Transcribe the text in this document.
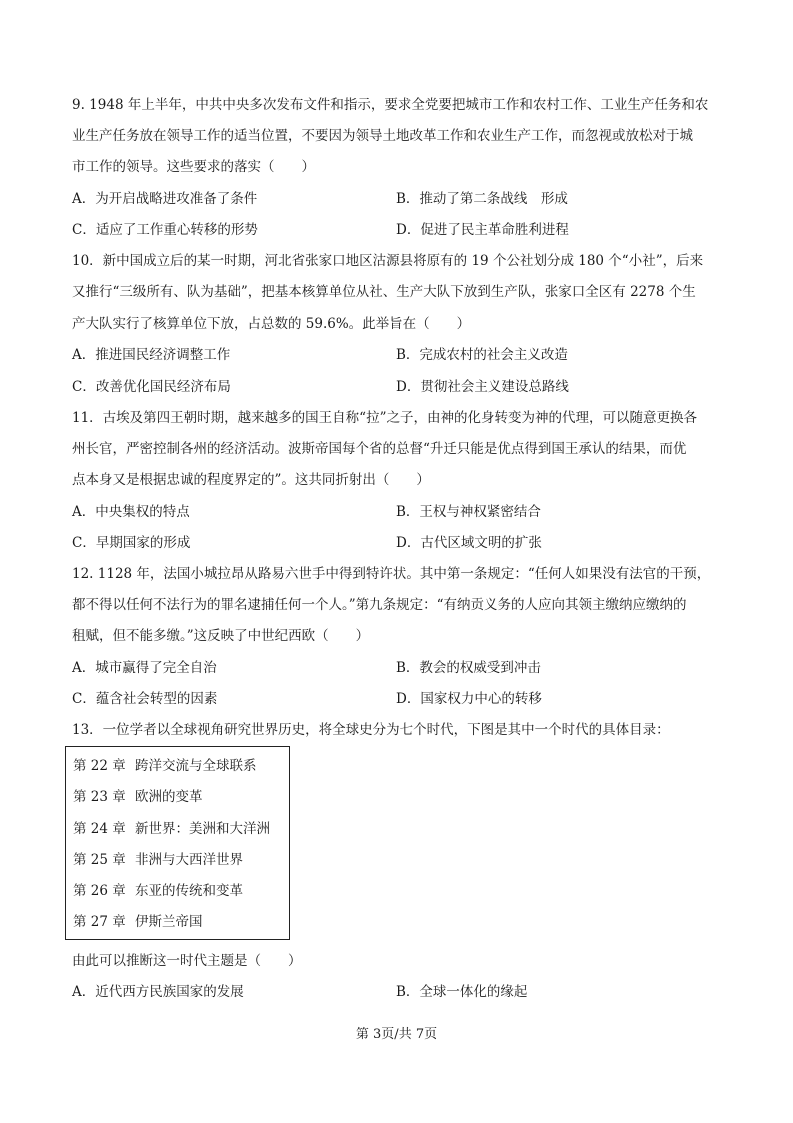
9. 1948 年上半年，中共中央多次发布文件和指示，要求全党要把城市工作和农村工作、工业生产任务和农
业生产任务放在领导工作的适当位置，不要因为领导土地改革工作和农业生产工作，而忽视或放松对于城
市工作的领导。这些要求的落实（　　）
A．为开启战略进攻准备了条件	B．推动了第二条战线　形成
C．适应了工作重心转移的形势	D．促进了民主革命胜利进程
10．新中国成立后的某一时期，河北省张家口地区沽源县将原有的 19 个公社划分成 180 个“小社”，后来
又推行“三级所有、队为基础”，把基本核算单位从社、生产大队下放到生产队，张家口全区有 2278 个生
产大队实行了核算单位下放，占总数的 59.6%。此举旨在（　　）
A．推进国民经济调整工作	B．完成农村的社会主义改造
C．改善优化国民经济布局	D．贯彻社会主义建设总路线
11．古埃及第四王朝时期，越来越多的国王自称“拉”之子，由神的化身转变为神的代理，可以随意更换各
州长官，严密控制各州的经济活动。波斯帝国每个省的总督“升迁只能是优点得到国王承认的结果，而优
点本身又是根据忠诚的程度界定的”。这共同折射出（　　）
A．中央集权的特点	B．王权与神权紧密结合
C．早期国家的形成	D．古代区域文明的扩张
12. 1128 年，法国小城拉昂从路易六世手中得到特许状。其中第一条规定：“任何人如果没有法官的干预，
都不得以任何不法行为的罪名逮捕任何一个人。”第九条规定：“有纳贡义务的人应向其领主缴纳应缴纳的
租赋，但不能多缴。”这反映了中世纪西欧（　　）
A．城市赢得了完全自治	B．教会的权威受到冲击
C．蕴含社会转型的因素	D．国家权力中心的转移
13．一位学者以全球视角研究世界历史，将全球史分为七个时代，下图是其中一个时代的具体目录：
第 22 章 跨洋交流与全球联系
第 23 章 欧洲的变革
第 24 章 新世界：美洲和大洋洲
第 25 章 非洲与大西洋世界
第 26 章 东亚的传统和变革
第 27 章 伊斯兰帝国
由此可以推断这一时代主题是（　　）
A．近代西方民族国家的发展	B．全球一体化的缘起
第 3页/共 7页
